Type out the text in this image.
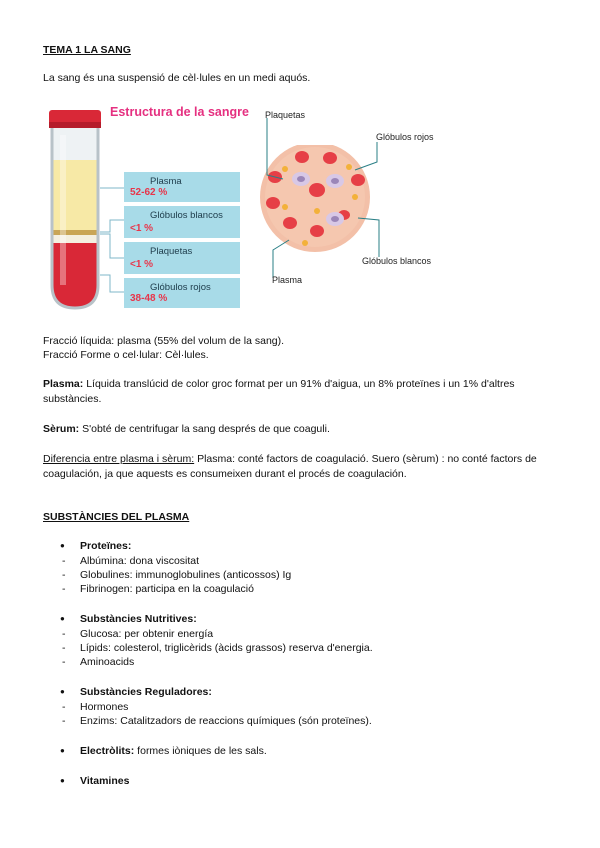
TEMA 1 LA SANG
La sang és una suspensió de cèl·lules en un medi aquós.
Estructura de la sangre
Plasma
52-62 %
Glóbulos blancos
<1 %
Plaquetas
<1 %
Glóbulos rojos
38-48 %
Plaquetas
Glóbulos rojos
Glóbulos blancos
Plasma
Fracció líquida: plasma (55% del volum de la sang).
Fracció Forme o cel·lular: Cèl·lules.
Plasma: Líquida translúcid de color groc format per un 91% d'aigua, un 8% proteïnes i un 1% d'altres substàncies.
Sèrum: S'obté de centrifugar la sang després de que coaguli.
Diferencia entre plasma i sèrum: Plasma: conté factors de coagulació. Suero (sèrum) : no conté factors de coagulación, ja que aquests es consumeixen durant el procés de coagulación.
SUBSTÀNCIES DEL PLASMA
Proteïnes:
- Albúmina: dona viscositat
- Globulines: immunoglobulines (anticossos) Ig
- Fibrinogen: participa en la coagulació
Substàncies Nutritives:
- Glucosa: per obtenir energía
- Lípids: colesterol, triglicèrids (àcids grassos) reserva d'energia.
- Aminoacids
Substàncies Reguladores:
- Hormones
- Enzims: Catalitzadors de reaccions químiques (són proteïnes).
Electròlits: formes iòniques de les sals.
Vitamines
